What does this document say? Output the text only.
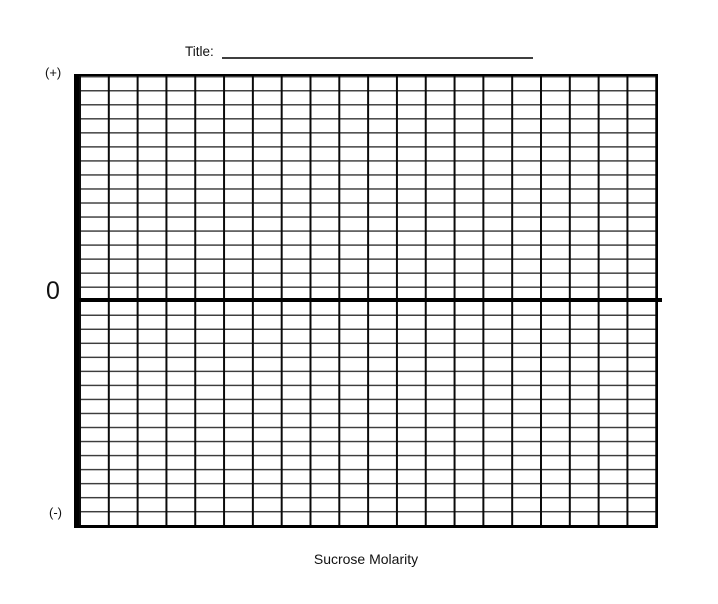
Title:
(+)
0
(-)
Sucrose Molarity
